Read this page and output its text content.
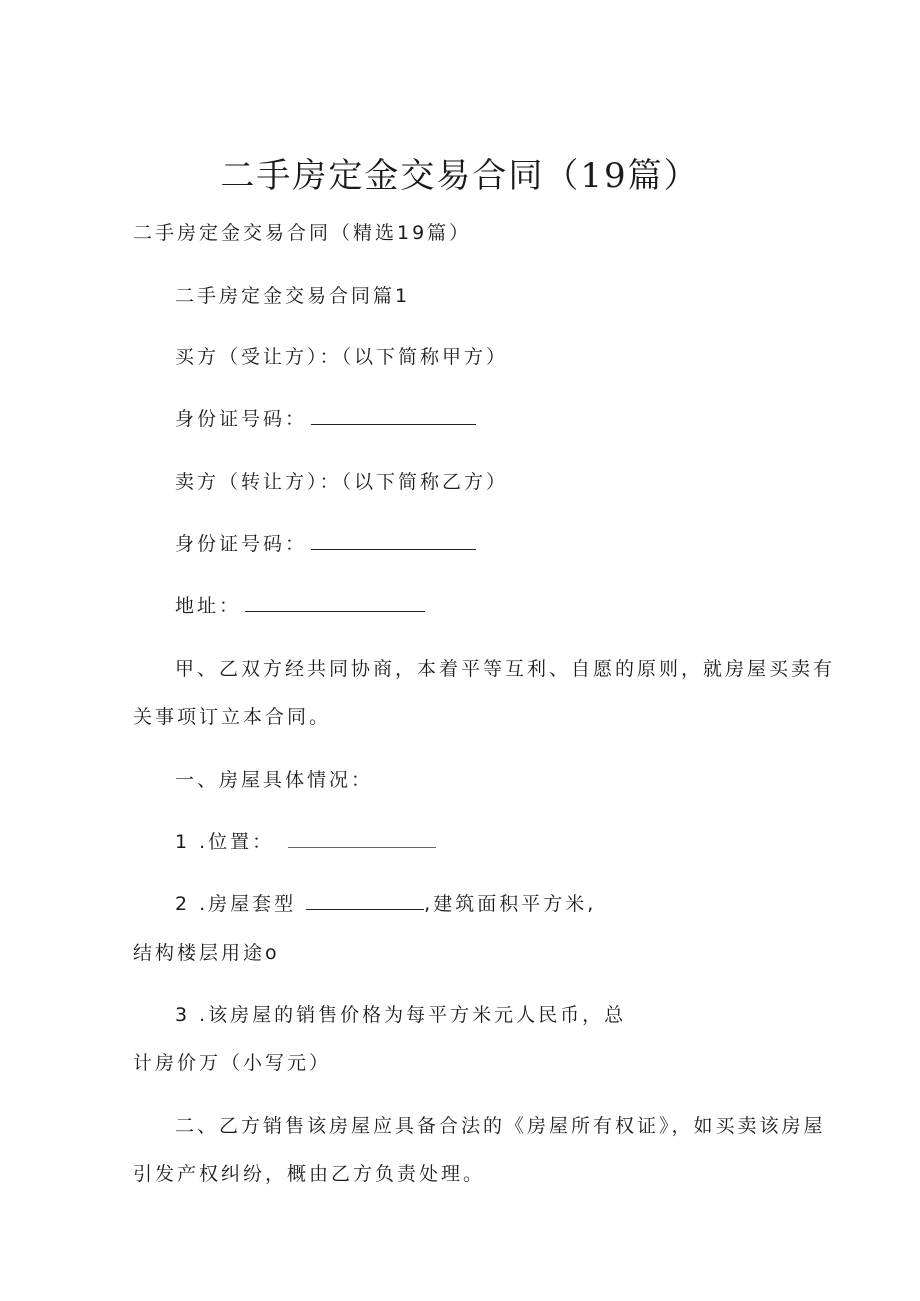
二手房定金交易合同（19篇）
二手房定金交易合同（精选19篇）
二手房定金交易合同篇1
买方（受让方）：（以下简称甲方）
身份证号码：
卖方（转让方）：（以下简称乙方）
身份证号码：
地址：
甲、乙双方经共同协商，本着平等互利、自愿的原则，就房屋买卖有
关事项订立本合同。
一、房屋具体情况：
1 .位置：
2 .房屋套型	,建筑面积平方米,
结构楼层用途o
3 .该房屋的销售价格为每平方米元人民币，总
计房价万（小写元）
二、乙方销售该房屋应具备合法的《房屋所有权证》，如买卖该房屋
引发产权纠纷，概由乙方负责处理。
